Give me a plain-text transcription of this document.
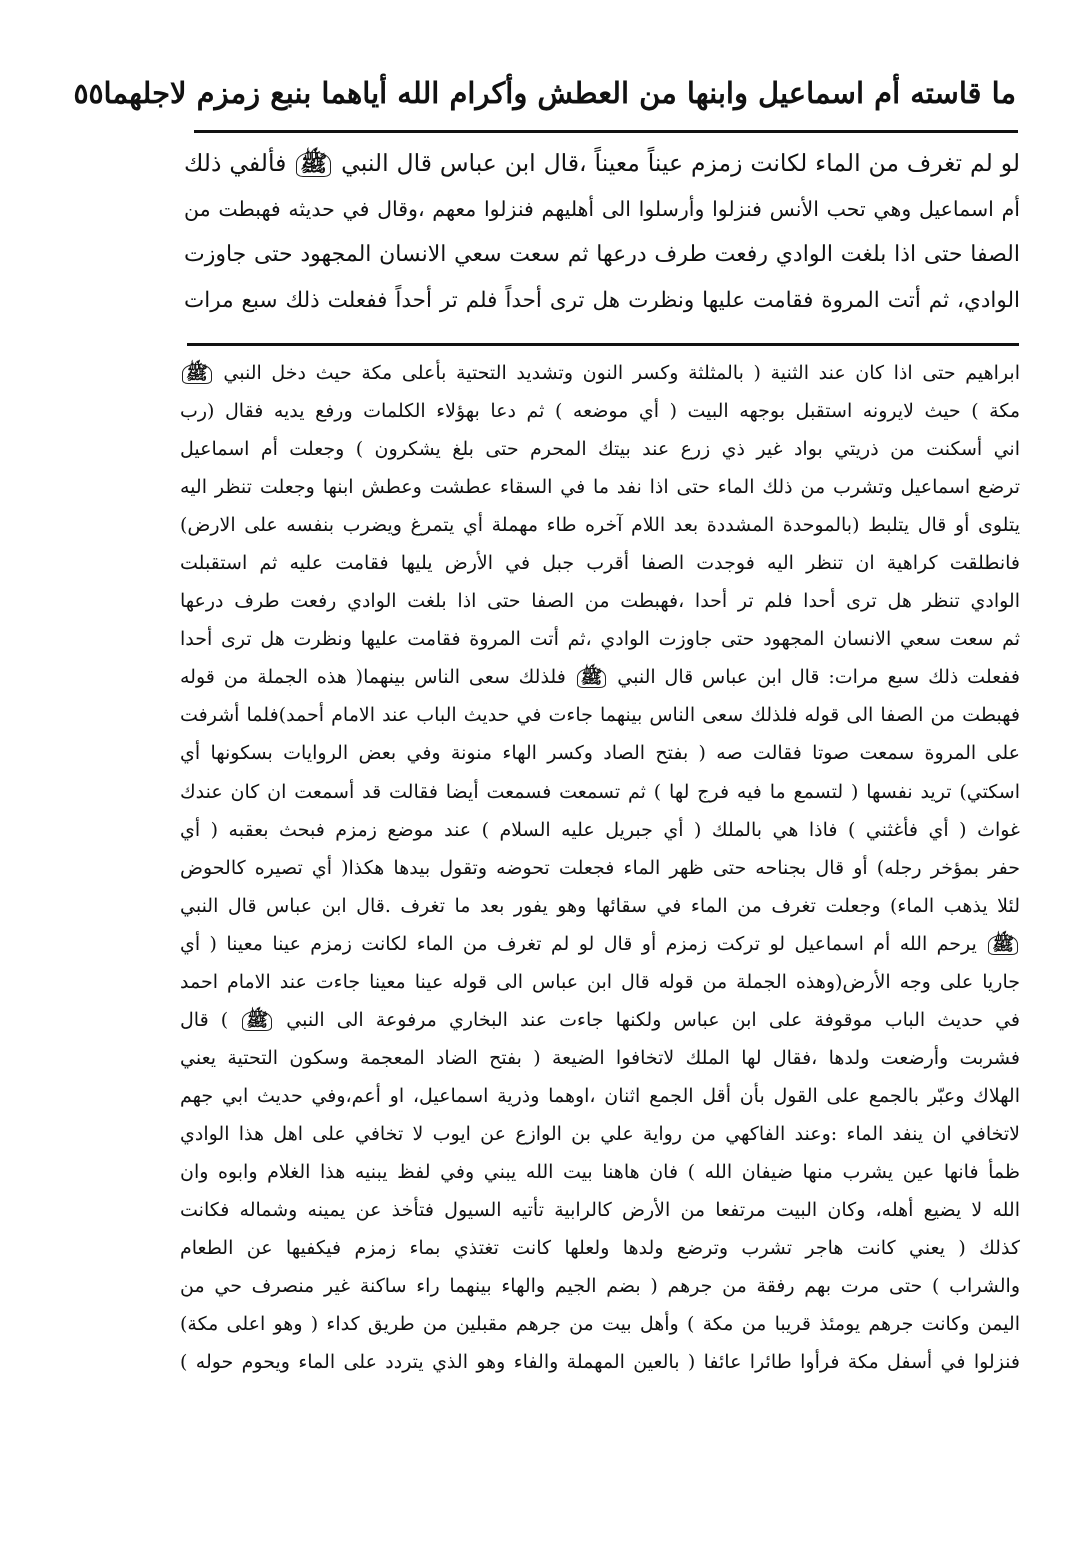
ما قاسته أم اسماعيل وابنها من العطش وأكرام الله أياهما بنبع زمزم لاجلهما
٥٥
لو لم تغرف من الماء لكانت زمزم عيناً معيناً ،قال ابن عباس قال النبي ﷺ فألفي ذلك
أم اسماعيل وهي تحب الأنس فنزلوا وأرسلوا الى أهليهم فنزلوا معهم ،وقال في حديثه فهبطت من
الصفا حتى اذا بلغت الوادي رفعت طرف درعها ثم سعت سعي الانسان المجهود حتى جاوزت
الوادي، ثم أتت المروة فقامت عليها ونظرت هل ترى أحداً فلم تر أحداً ففعلت ذلك سبع مرات
ابراهيم حتى اذا كان عند الثنية ( بالمثلثة وكسر النون وتشديد التحتية بأعلى مكة حيث دخل النبي ﷺ
مكة ) حيث لايرونه استقبل بوجهه البيت ( أي موضعه ) ثم دعا بهؤلاء الكلمات ورفع يديه فقال (رب
اني أسكنت من ذريتي بواد غير ذي زرع عند بيتك المحرم حتى بلغ يشكرون ) وجعلت أم اسماعيل
ترضع اسماعيل وتشرب من ذلك الماء حتى اذا نفد ما في السقاء عطشت وعطش ابنها وجعلت تنظر اليه
يتلوى أو قال يتلبط (بالموحدة المشددة بعد اللام آخره طاء مهملة أي يتمرغ ويضرب بنفسه على الارض)
فانطلقت كراهية ان تنظر اليه فوجدت الصفا أقرب جبل في الأرض يليها فقامت عليه ثم استقبلت
الوادي تنظر هل ترى أحدا فلم تر أحدا ،فهبطت من الصفا حتى اذا بلغت الوادي رفعت طرف درعها
ثم سعت سعي الانسان المجهود حتى جاوزت الوادي ،ثم أتت المروة فقامت عليها ونظرت هل ترى أحدا
ففعلت ذلك سبع مرات: قال ابن عباس قال النبي ﷺ فلذلك سعى الناس بينهما( هذه الجملة من قوله
فهبطت من الصفا الى قوله فلذلك سعى الناس بينهما جاءت في حديث الباب عند الامام أحمد)فلما أشرفت
على المروة سمعت صوتا فقالت صه ( بفتح الصاد وكسر الهاء منونة وفي بعض الروايات بسكونها أي
اسكتي) تريد نفسها ( لتسمع ما فيه فرج لها ) ثم تسمعت فسمعت أيضا فقالت قد أسمعت ان كان عندك
غواث ( أي فأغثني ) فاذا هي بالملك ( أي جبريل عليه السلام ) عند موضع زمزم فبحث بعقبه ( أي
حفر بمؤخر رجله) أو قال بجناحه حتى ظهر الماء فجعلت تحوضه وتقول بيدها هكذا( أي تصيره كالحوض
لئلا يذهب الماء) وجعلت تغرف من الماء في سقائها وهو يفور بعد ما تغرف .قال ابن عباس قال النبي
ﷺ يرحم الله أم اسماعيل لو تركت زمزم أو قال لو لم تغرف من الماء لكانت زمزم عينا معينا ( أي
جاريا على وجه الأرض(وهذه الجملة من قوله قال ابن عباس الى قوله عينا معينا جاءت عند الامام احمد
في حديث الباب موقوفة على ابن عباس ولكنها جاءت عند البخاري مرفوعة الى النبي ﷺ ) قال
فشربت وأرضعت ولدها ،فقال لها الملك لاتخافوا الضيعة ( بفتح الضاد المعجمة وسكون التحتية يعني
الهلاك وعبّر بالجمع على القول بأن أقل الجمع اثنان ،اوهما وذرية اسماعيل، او أعم،وفي حديث ابي جهم
لاتخافي ان ينفد الماء :وعند الفاكهي من رواية علي بن الوازع عن ايوب لا تخافي على اهل هذا الوادي
ظمأ فانها عين يشرب منها ضيفان الله ) فان هاهنا بيت الله يبني وفي لفظ يبنيه هذا الغلام وابوه وان
الله لا يضيع أهله، وكان البيت مرتفعا من الأرض كالرابية تأتيه السيول فتأخذ عن يمينه وشماله فكانت
كذلك ( يعني كانت هاجر تشرب وترضع ولدها ولعلها كانت تغتذي بماء زمزم فيكفيها عن الطعام
والشراب ) حتى مرت بهم رفقة من جرهم ( بضم الجيم والهاء بينهما راء ساكنة غير منصرف حي من
اليمن وكانت جرهم يومئذ قريبا من مكة ) وأهل بيت من جرهم مقبلين من طريق كداء ( وهو اعلى مكة)
فنزلوا في أسفل مكة فرأوا طائرا عائفا ( بالعين المهملة والفاء وهو الذي يتردد على الماء ويحوم حوله )
